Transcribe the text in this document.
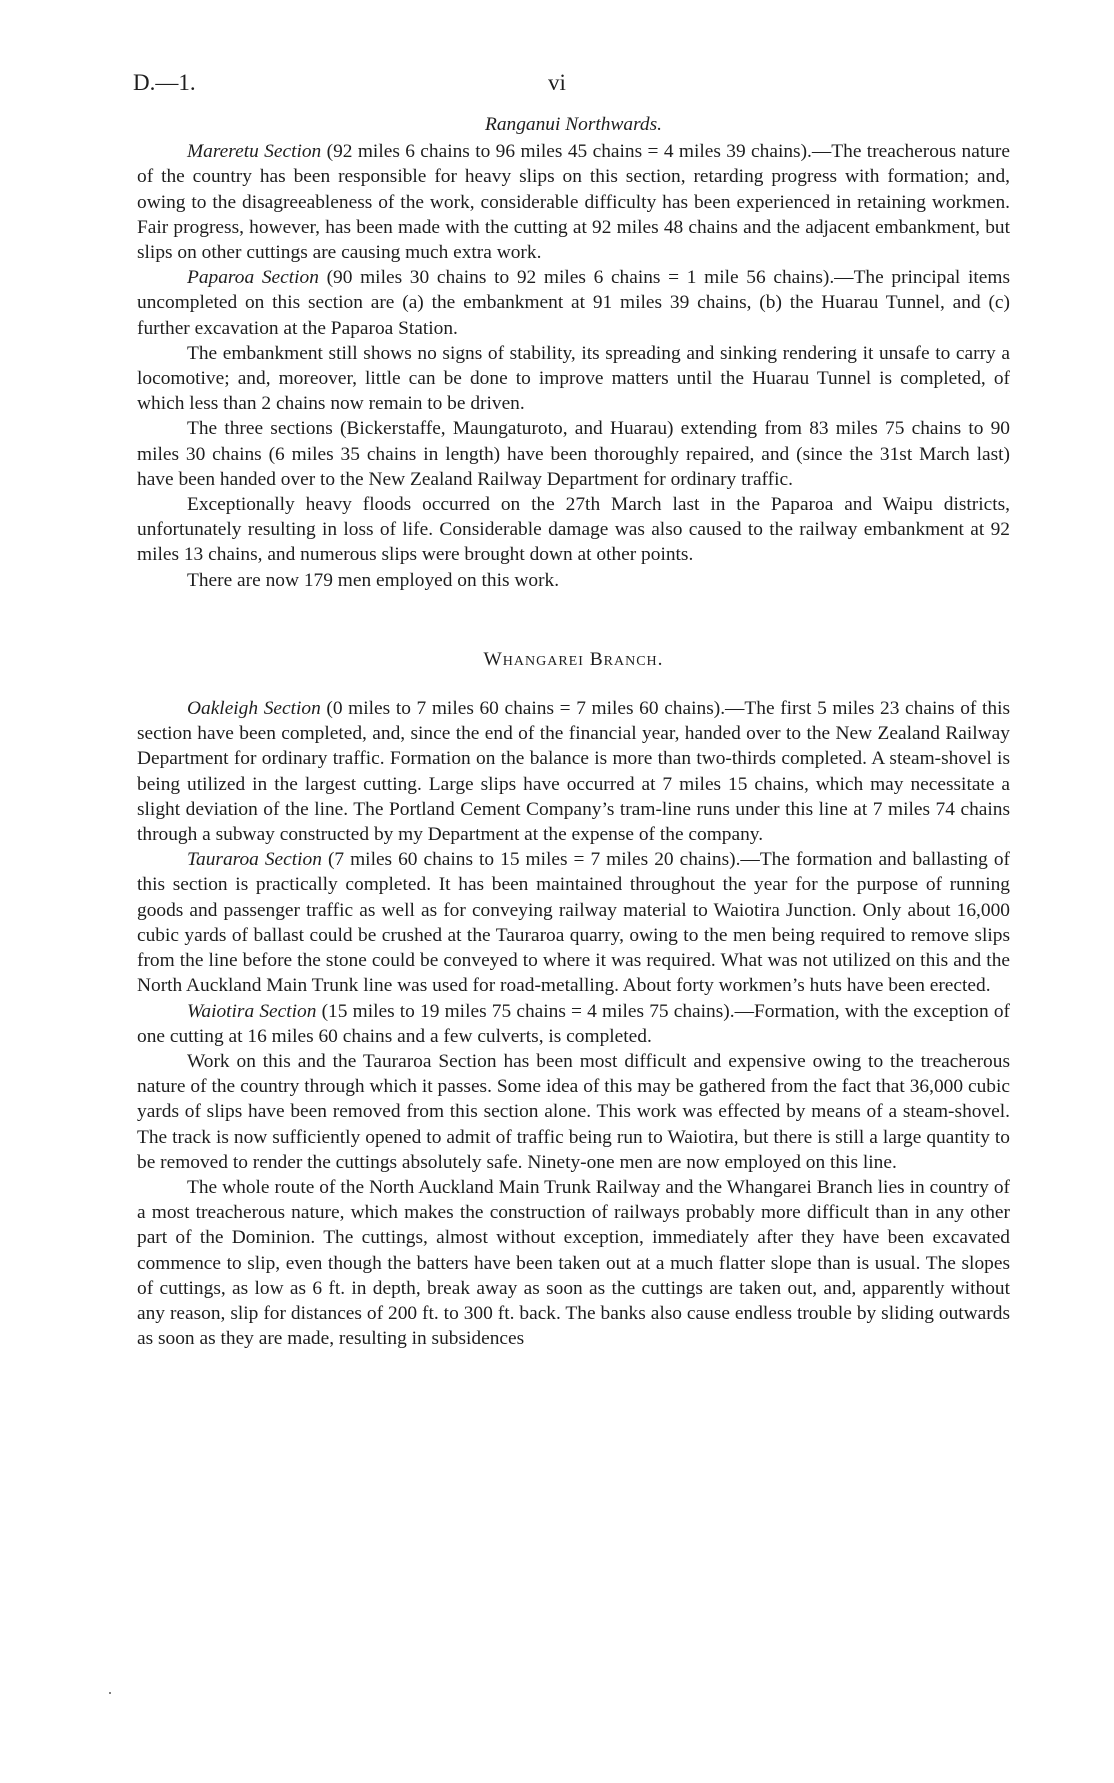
D.—1.	vi
Ranganui Northwards.

Mareretu Section (92 miles 6 chains to 96 miles 45 chains = 4 miles 39 chains).—The treacherous nature of the country has been responsible for heavy slips on this section, retarding progress with formation; and, owing to the disagreeableness of the work, considerable difficulty has been experienced in retaining workmen. Fair progress, however, has been made with the cutting at 92 miles 48 chains and the adjacent embankment, but slips on other cuttings are causing much extra work.

Paparoa Section (90 miles 30 chains to 92 miles 6 chains = 1 mile 56 chains).—The principal items uncompleted on this section are (a) the embankment at 91 miles 39 chains, (b) the Huarau Tunnel, and (c) further excavation at the Paparoa Station.

The embankment still shows no signs of stability, its spreading and sinking rendering it unsafe to carry a locomotive; and, moreover, little can be done to improve matters until the Huarau Tunnel is completed, of which less than 2 chains now remain to be driven.

The three sections (Bickerstaffe, Maungaturoto, and Huarau) extending from 83 miles 75 chains to 90 miles 30 chains (6 miles 35 chains in length) have been thoroughly repaired, and (since the 31st March last) have been handed over to the New Zealand Railway Department for ordinary traffic.

Exceptionally heavy floods occurred on the 27th March last in the Paparoa and Waipu districts, unfortunately resulting in loss of life. Considerable damage was also caused to the railway embankment at 92 miles 13 chains, and numerous slips were brought down at other points.

There are now 179 men employed on this work.

Whangarei Branch.

Oakleigh Section (0 miles to 7 miles 60 chains = 7 miles 60 chains).—The first 5 miles 23 chains of this section have been completed, and, since the end of the financial year, handed over to the New Zealand Railway Department for ordinary traffic. Formation on the balance is more than two-thirds completed. A steam-shovel is being utilized in the largest cutting. Large slips have occurred at 7 miles 15 chains, which may necessitate a slight deviation of the line. The Portland Cement Company’s tram-line runs under this line at 7 miles 74 chains through a subway constructed by my Department at the expense of the company.

Tauraroa Section (7 miles 60 chains to 15 miles = 7 miles 20 chains).—The formation and ballasting of this section is practically completed. It has been maintained throughout the year for the purpose of running goods and passenger traffic as well as for conveying railway material to Waiotira Junction. Only about 16,000 cubic yards of ballast could be crushed at the Tauraroa quarry, owing to the men being required to remove slips from the line before the stone could be conveyed to where it was required. What was not utilized on this and the North Auckland Main Trunk line was used for road-metalling. About forty workmen’s huts have been erected.

Waiotira Section (15 miles to 19 miles 75 chains = 4 miles 75 chains).—Formation, with the exception of one cutting at 16 miles 60 chains and a few culverts, is completed.

Work on this and the Tauraroa Section has been most difficult and expensive owing to the treacherous nature of the country through which it passes. Some idea of this may be gathered from the fact that 36,000 cubic yards of slips have been removed from this section alone. This work was effected by means of a steam-shovel. The track is now sufficiently opened to admit of traffic being run to Waiotira, but there is still a large quantity to be removed to render the cuttings absolutely safe. Ninety-one men are now employed on this line.

The whole route of the North Auckland Main Trunk Railway and the Whangarei Branch lies in country of a most treacherous nature, which makes the construction of railways probably more difficult than in any other part of the Dominion. The cuttings, almost without exception, immediately after they have been excavated commence to slip, even though the batters have been taken out at a much flatter slope than is usual. The slopes of cuttings, as low as 6 ft. in depth, break away as soon as the cuttings are taken out, and, apparently without any reason, slip for distances of 200 ft. to 300 ft. back. The banks also cause endless trouble by sliding outwards as soon as they are made, resulting in subsidences
